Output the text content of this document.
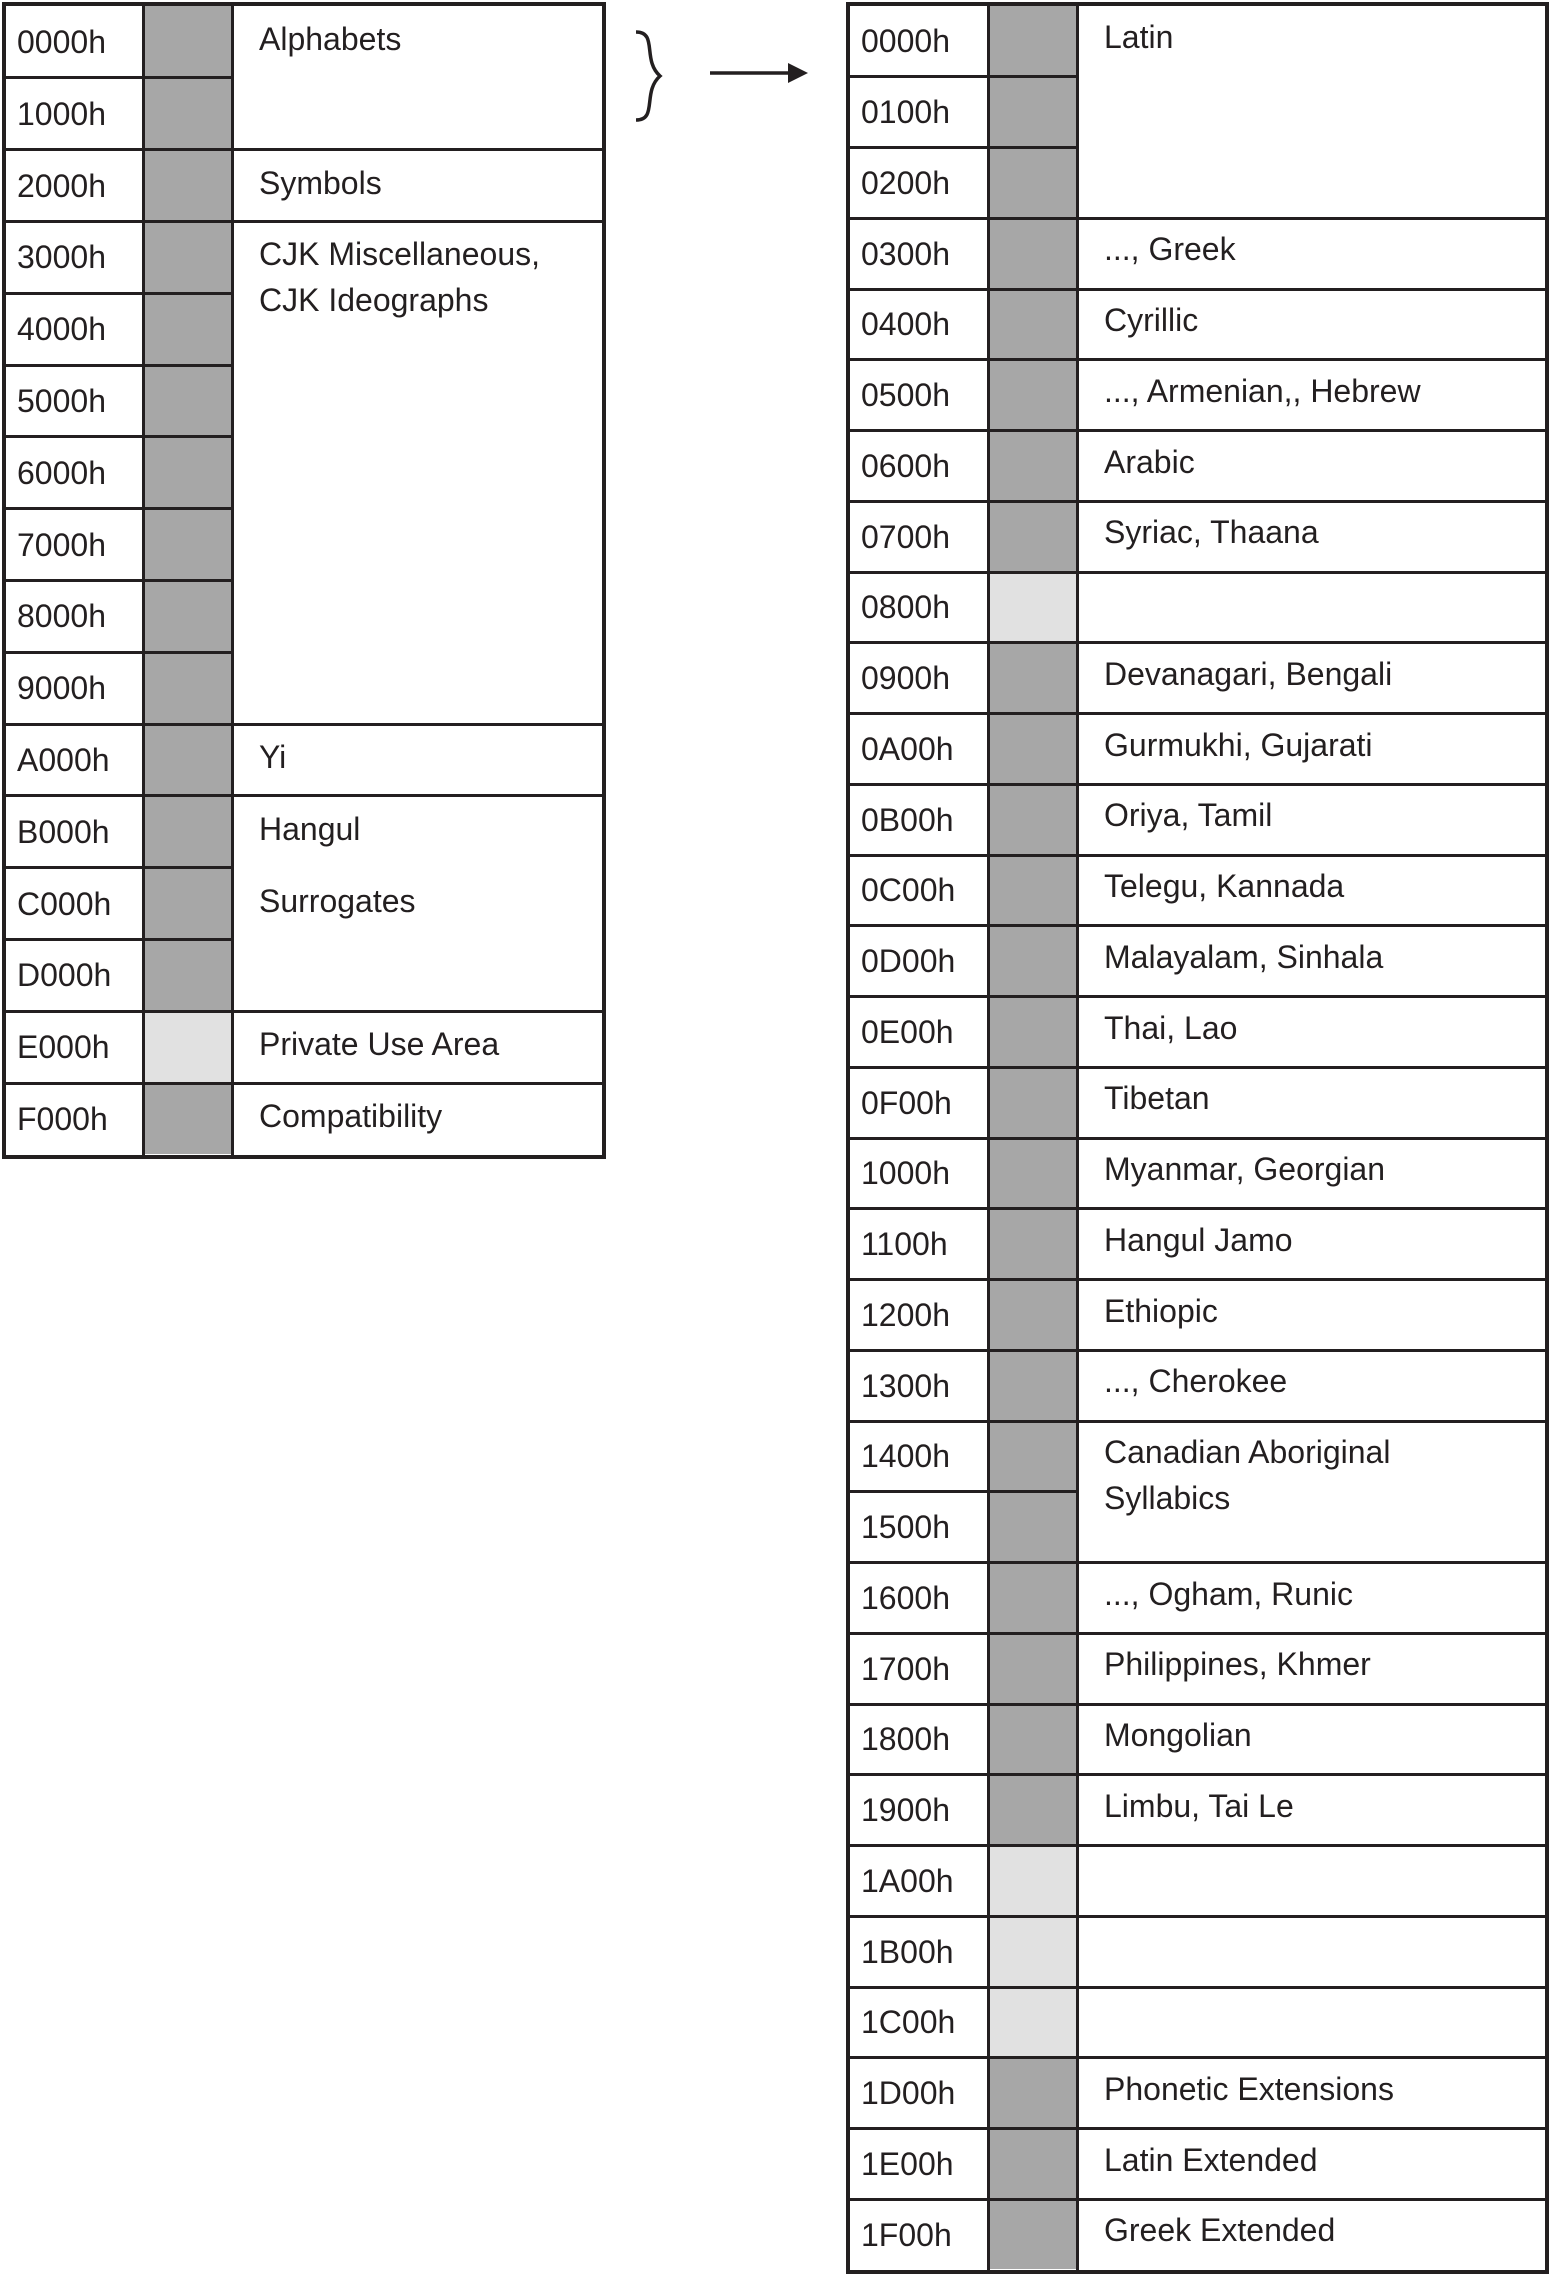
0000h
1000h
2000h
3000h
4000h
5000h
6000h
7000h
8000h
9000h
A000h
B000h
C000h
D000h
E000h
F000h
Alphabets
Symbols
CJK Miscellaneous,
CJK Ideographs
Yi
Hangul
Surrogates
Private Use Area
Compatibility
0000h
0100h
0200h
0300h
0400h
0500h
0600h
0700h
0800h
0900h
0A00h
0B00h
0C00h
0D00h
0E00h
0F00h
1000h
1100h
1200h
1300h
1400h
1500h
1600h
1700h
1800h
1900h
1A00h
1B00h
1C00h
1D00h
1E00h
1F00h
Latin
..., Greek
Cyrillic
..., Armenian,, Hebrew
Arabic
Syriac, Thaana
Devanagari, Bengali
Gurmukhi, Gujarati
Oriya, Tamil
Telegu, Kannada
Malayalam, Sinhala
Thai, Lao
Tibetan
Myanmar, Georgian
Hangul Jamo
Ethiopic
..., Cherokee
Canadian Aboriginal
Syllabics
..., Ogham, Runic
Philippines, Khmer
Mongolian
Limbu, Tai Le
Phonetic Extensions
Latin Extended
Greek Extended
